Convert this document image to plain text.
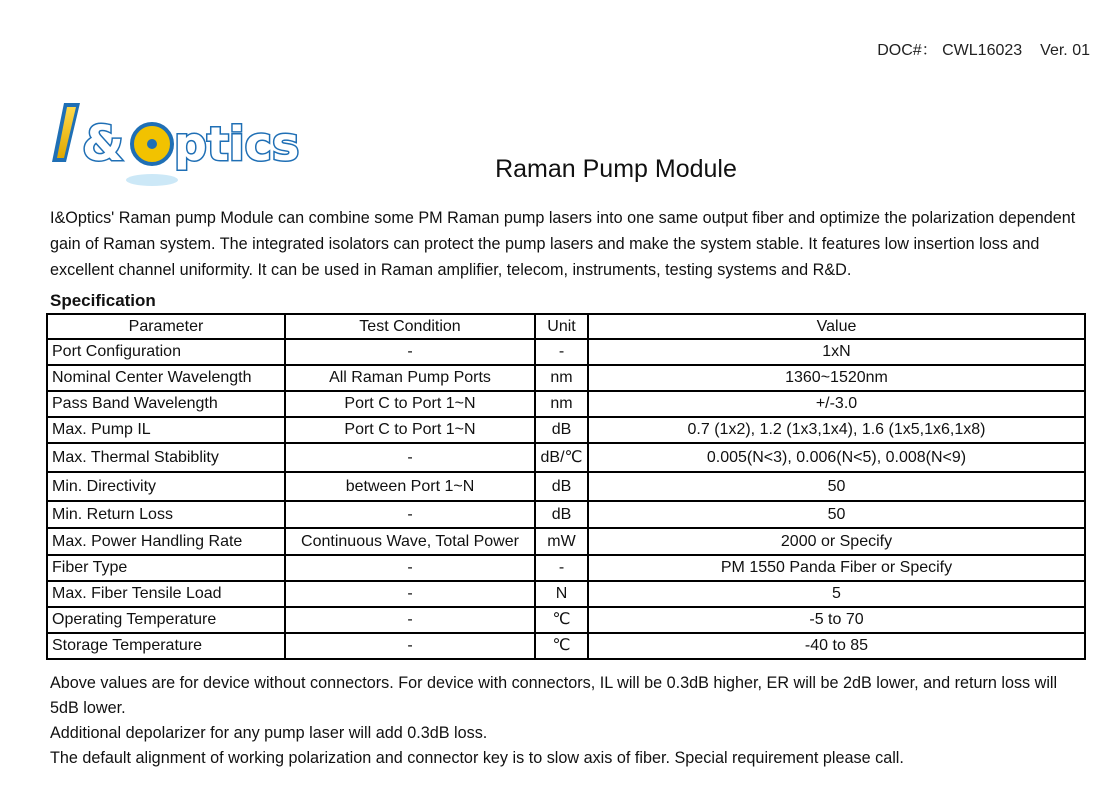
DOC#： CWL16023 Ver. 01
& ptics	Raman Pump Module
I&Optics' Raman pump Module can combine some PM Raman pump lasers into one same output fiber and optimize the polarization dependent gain of Raman system. The integrated isolators can protect the pump lasers and make the system stable. It features low insertion loss and excellent channel uniformity. It can be used in Raman amplifier, telecom, instruments, testing systems and R&D.
Specification
Parameter	Test Condition	Unit	Value
Port Configuration	-	-	1xN
Nominal Center Wavelength	All Raman Pump Ports	nm	1360~1520nm
Pass Band Wavelength	Port C to Port 1~N	nm	+/-3.0
Max. Pump IL	Port C to Port 1~N	dB	0.7 (1x2), 1.2 (1x3,1x4), 1.6 (1x5,1x6,1x8)
Max. Thermal Stabiblity	-	dB/℃	0.005(N<3), 0.006(N<5), 0.008(N<9)
Min. Directivity	between Port 1~N	dB	50
Min. Return Loss	-	dB	50
Max. Power Handling Rate	Continuous Wave, Total Power	mW	2000 or Specify
Fiber Type	-	-	PM 1550 Panda Fiber or Specify
Max. Fiber Tensile Load	-	N	5
Operating Temperature	-	℃	-5 to 70
Storage Temperature	-	℃	-40 to 85

Above values are for device without connectors. For device with connectors, IL will be 0.3dB higher, ER will be 2dB lower, and return loss will 5dB lower.

Additional depolarizer for any pump laser will add 0.3dB loss.

The default alignment of working polarization and connector key is to slow axis of fiber. Special requirement please call.
